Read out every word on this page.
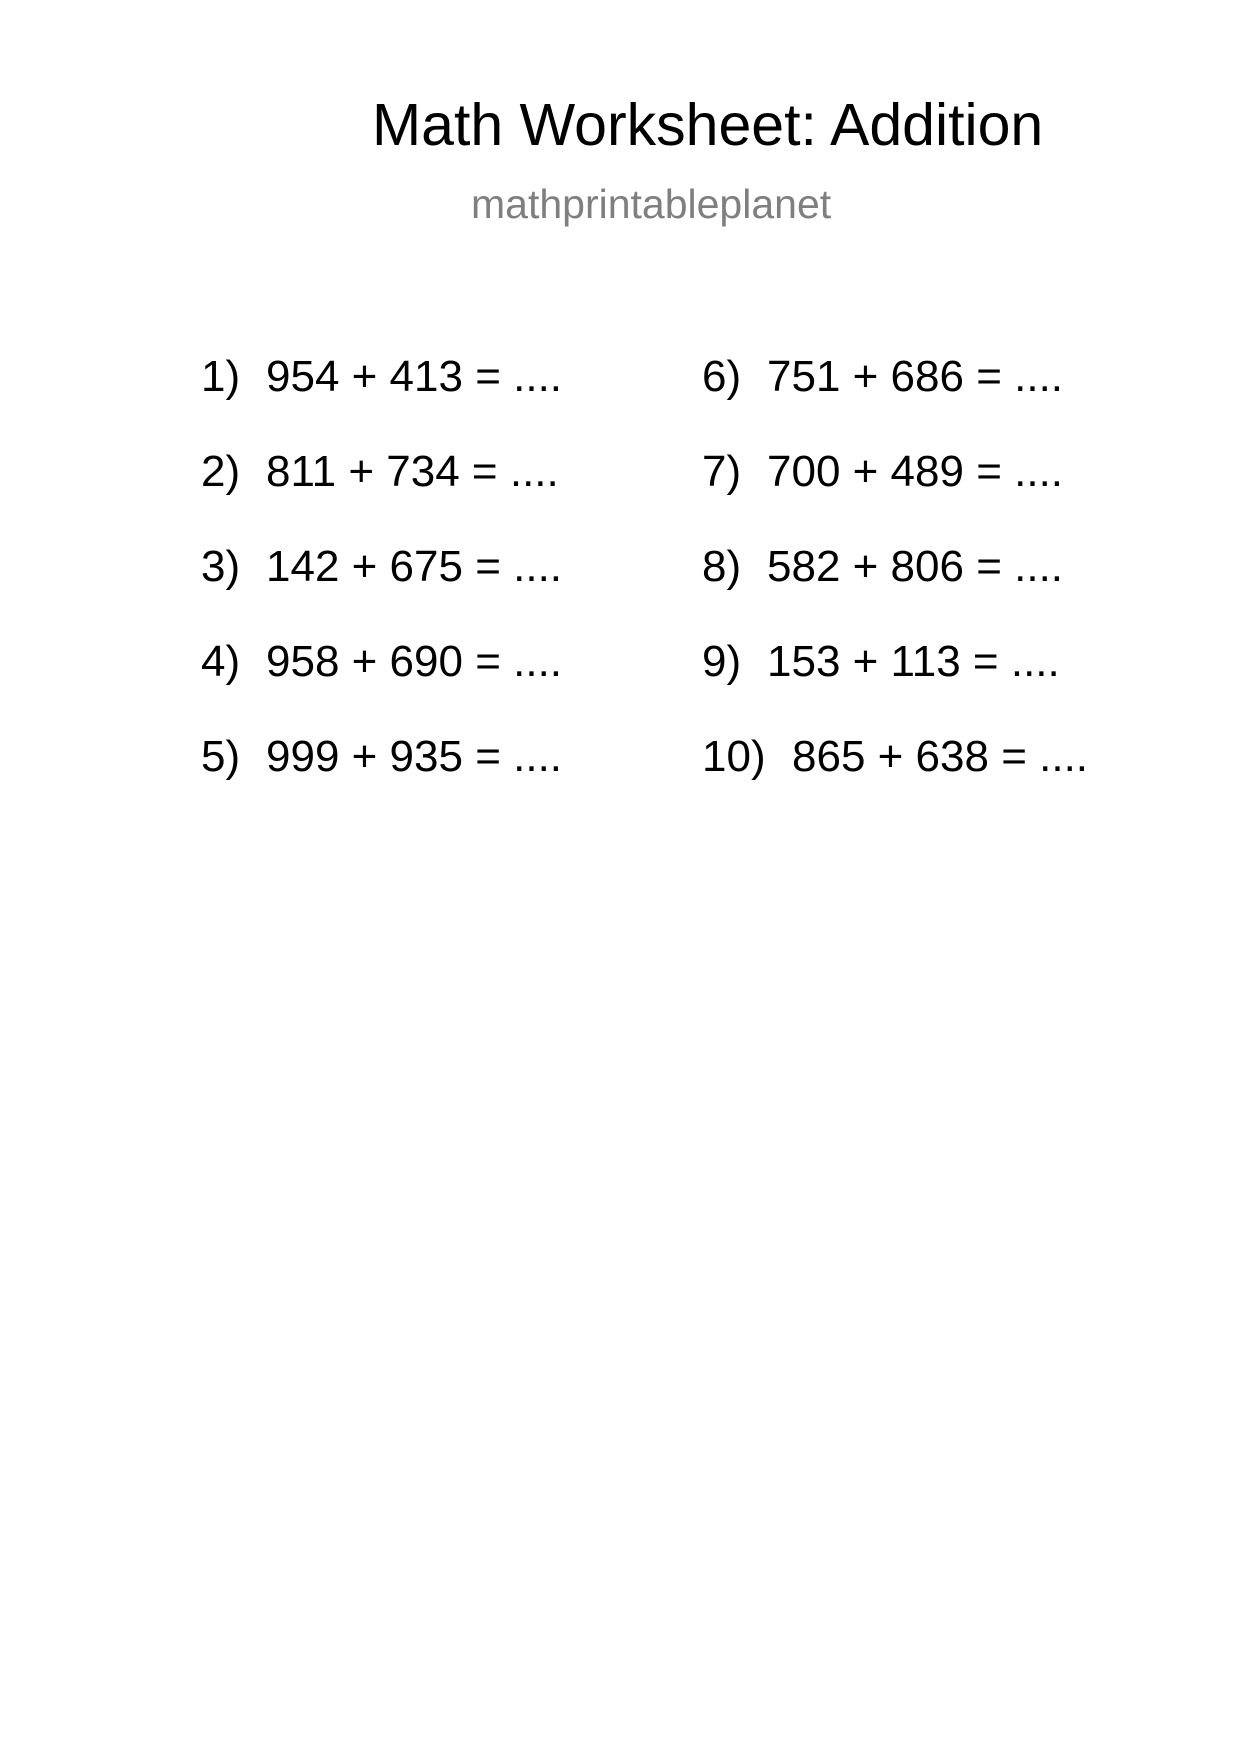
Math Worksheet: Addition
mathprintableplanet
1) 954 + 413 = ....
2) 811 + 734 = ....
3) 142 + 675 = ....
4) 958 + 690 = ....
5) 999 + 935 = ....
6) 751 + 686 = ....
7) 700 + 489 = ....
8) 582 + 806 = ....
9) 153 + 113 = ....
10) 865 + 638 = ....
